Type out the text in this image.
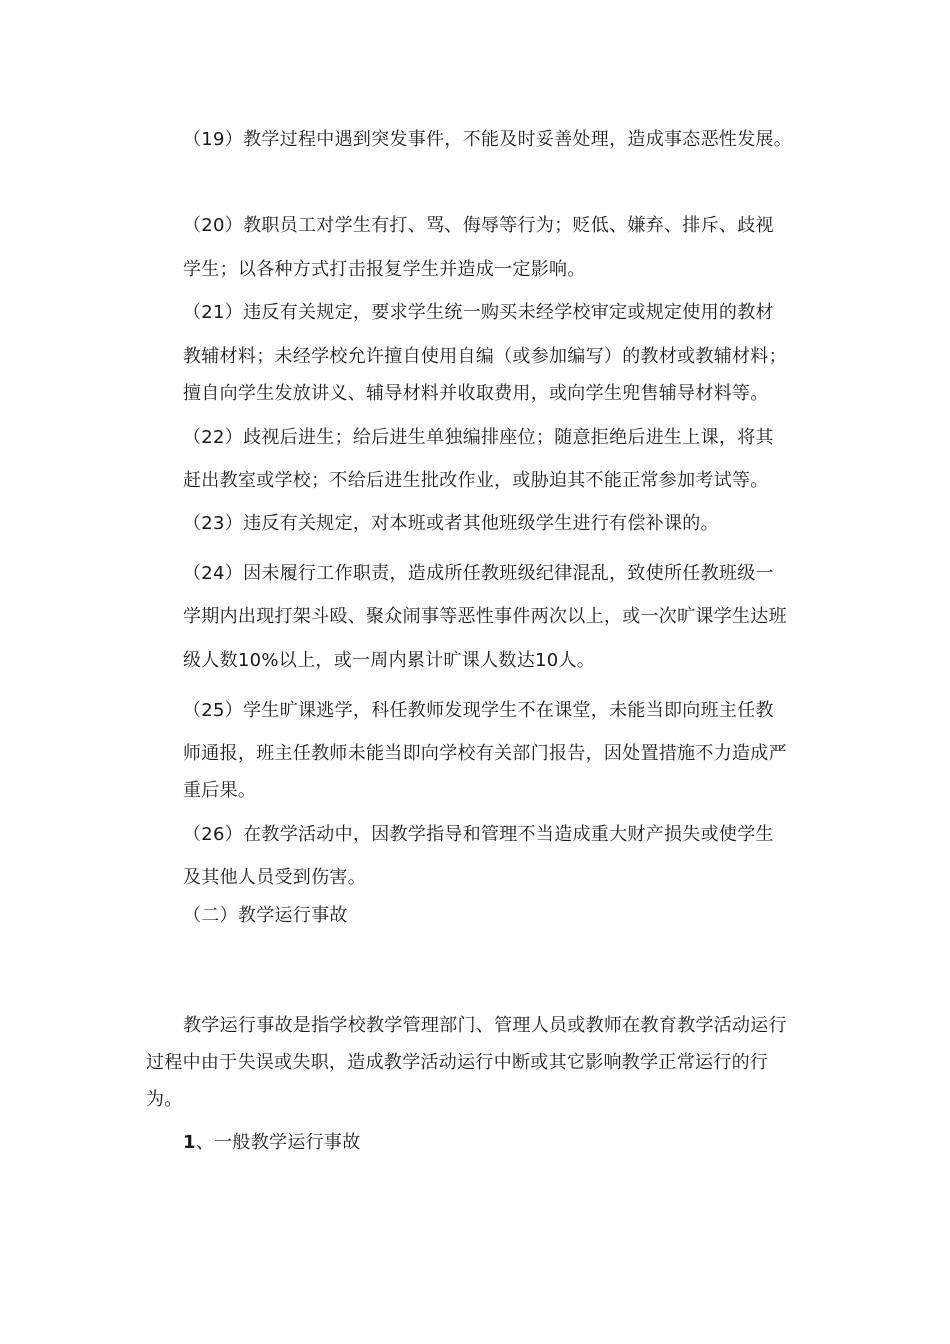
（19）教学过程中遇到突发事件，不能及时妥善处理，造成事态恶性发展。
（20）教职员工对学生有打、骂、侮辱等行为；贬低、嫌弃、排斥、歧视
学生；以各种方式打击报复学生并造成一定影响。
（21）违反有关规定，要求学生统一购买未经学校审定或规定使用的教材
教辅材料；未经学校允许擅自使用自编（或参加编写）的教材或教辅材料；
擅自向学生发放讲义、辅导材料并收取费用，或向学生兜售辅导材料等。
（22）歧视后进生；给后进生单独编排座位；随意拒绝后进生上课，将其
赶出教室或学校；不给后进生批改作业，或胁迫其不能正常参加考试等。
（23）违反有关规定，对本班或者其他班级学生进行有偿补课的。
（24）因未履行工作职责，造成所任教班级纪律混乱，致使所任教班级一
学期内出现打架斗殴、聚众闹事等恶性事件两次以上，或一次旷课学生达班
级人数10%以上，或一周内累计旷课人数达10人。
（25）学生旷课逃学，科任教师发现学生不在课堂，未能当即向班主任教
师通报，班主任教师未能当即向学校有关部门报告，因处置措施不力造成严
重后果。
（26）在教学活动中，因教学指导和管理不当造成重大财产损失或使学生
及其他人员受到伤害。
（二）教学运行事故
教学运行事故是指学校教学管理部门、管理人员或教师在教育教学活动运行
过程中由于失误或失职，造成教学活动运行中断或其它影响教学正常运行的行
为。
1、一般教学运行事故
